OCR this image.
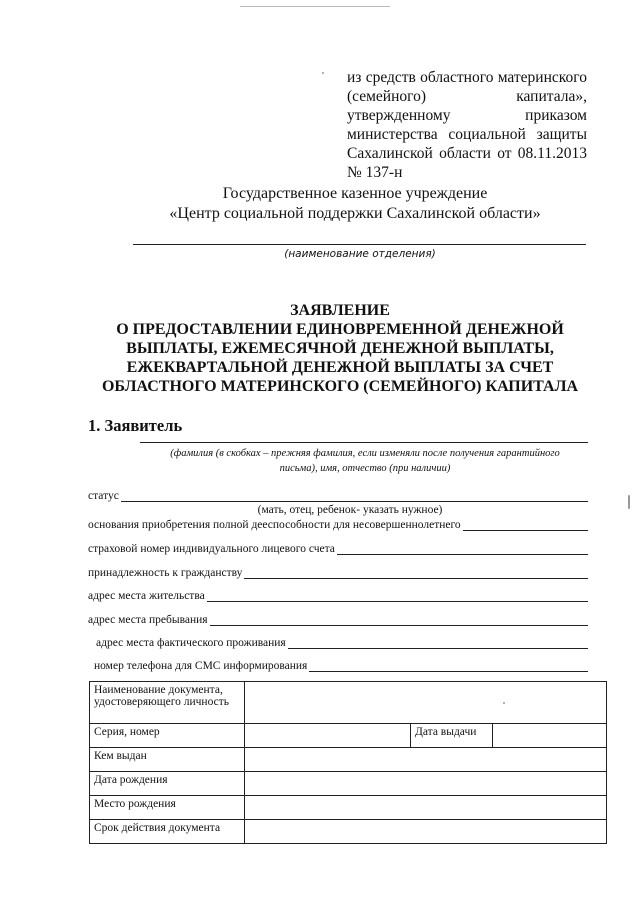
из средств областного материнского
(семейного) капитала»,
утвержденному приказом
министерства социальной защиты
Сахалинской области от 08.11.2013
№ 137-н
Государственное казенное учреждение
«Центр социальной поддержки Сахалинской области»
(наименование отделения)
ЗАЯВЛЕНИЕ
О ПРЕДОСТАВЛЕНИИ ЕДИНОВРЕМЕННОЙ ДЕНЕЖНОЙ
ВЫПЛАТЫ, ЕЖЕМЕСЯЧНОЙ ДЕНЕЖНОЙ ВЫПЛАТЫ,
ЕЖЕКВАРТАЛЬНОЙ ДЕНЕЖНОЙ ВЫПЛАТЫ ЗА СЧЕТ
ОБЛАСТНОГО МАТЕРИНСКОГО (СЕМЕЙНОГО) КАПИТАЛА
1. Заявитель
(фамилия (в скобках – прежняя фамилия, если изменяли после получения гарантийного
письма), имя, отчество (при наличии)
статус
(мать, отец, ребенок- указать нужное)
основания приобретения полной дееспособности для несовершеннолетнего
страховой номер индивидуального лицевого счета
принадлежность к гражданству
адрес места жительства
адрес места пребывания
адрес места фактического проживания
номер телефона для СМС информирования
Наименование документа,
удостоверяющего личность			

Серия, номер		Дата выдачи	
Кем выдан			
Дата рождения			
Место рождения			
Срок действия документа			
